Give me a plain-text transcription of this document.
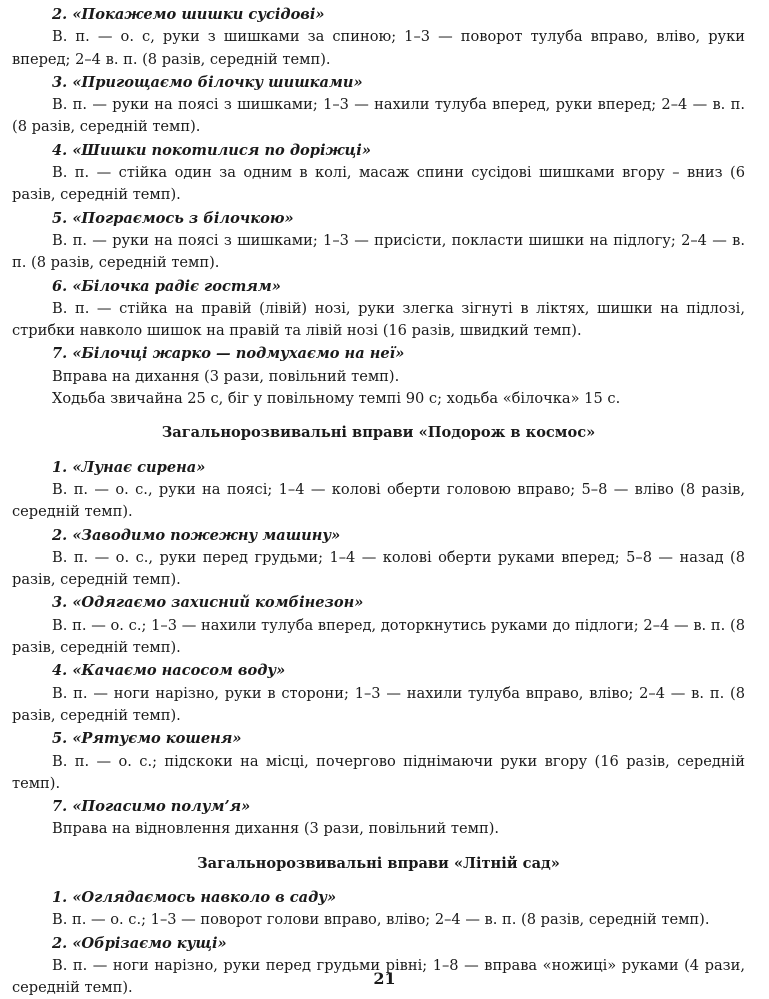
2. «Покажемо шишки сусідові»

В. п. — о. с, руки з шишками за спиною; 1–3 — поворот тулуба вправо, вліво, руки вперед; 2–4 в. п. (8 разів, середній темп).

3. «Пригощаємо білочку шишками»

В. п. — руки на поясі з шишками; 1–3 — нахили тулуба вперед, руки вперед; 2–4 — в. п. (8 разів, середній темп).

4. «Шишки покотилися по доріжці»

В. п. — стійка один за одним в колі, масаж спини сусідові шишками вгору – вниз (6 разів, середній темп).

5. «Пограємось з білочкою»

В. п. — руки на поясі з шишками; 1–3 — присісти, покласти шишки на підлогу; 2–4 — в. п. (8 разів, середній темп).

6. «Білочка радіє гостям»

В. п. — стійка на правій (лівій) нозі, руки злегка зігнуті в ліктях, шишки на підлозі, стрибки навколо шишок на правій та лівій нозі (16 разів, швидкий темп).

7. «Білочці жарко — подмухаємо на неї»

Вправа на дихання (3 рази, повільний темп).

Ходьба звичайна 25 с, біг у повільному темпі 90 с; ходьба «білочка» 15 с.

Загальнорозвивальні вправи «Подорож в космос»

1. «Лунає сирена»

В. п. — о. с., руки на поясі; 1–4 — колові оберти головою вправо; 5–8 — вліво (8 разів, середній темп).

2. «Заводимо пожежну машину»

В. п. — о. с., руки перед грудьми; 1–4 — колові оберти руками вперед; 5–8 — назад (8 разів, середній темп).

3. «Одягаємо захисний комбінезон»

В. п. — о. с.; 1–3 — нахили тулуба вперед, доторкнутись руками до підлоги; 2–4 — в. п. (8 разів, середній темп).

4. «Качаємо насосом воду»

В. п. — ноги нарізно, руки в сторони; 1–3 — нахили тулуба вправо, вліво; 2–4 — в. п. (8 разів, середній темп).

5. «Рятуємо кошеня»

В. п. — о. с.; підскоки на місці, почергово піднімаючи руки вгору (16 разів, середній темп).

7. «Погасимо полум’я»

Вправа на відновлення дихання (3 рази, повільний темп).

Загальнорозвивальні вправи «Літній сад»

1. «Оглядаємось навколо в саду»

В. п. — о. с.; 1–3 — поворот голови вправо, вліво; 2–4 — в. п. (8 разів, середній темп).

2. «Обрізаємо кущі»

В. п. — ноги нарізно, руки перед грудьми рівні; 1–8 — вправа «ножиці» руками (4 рази, середній темп).	21
